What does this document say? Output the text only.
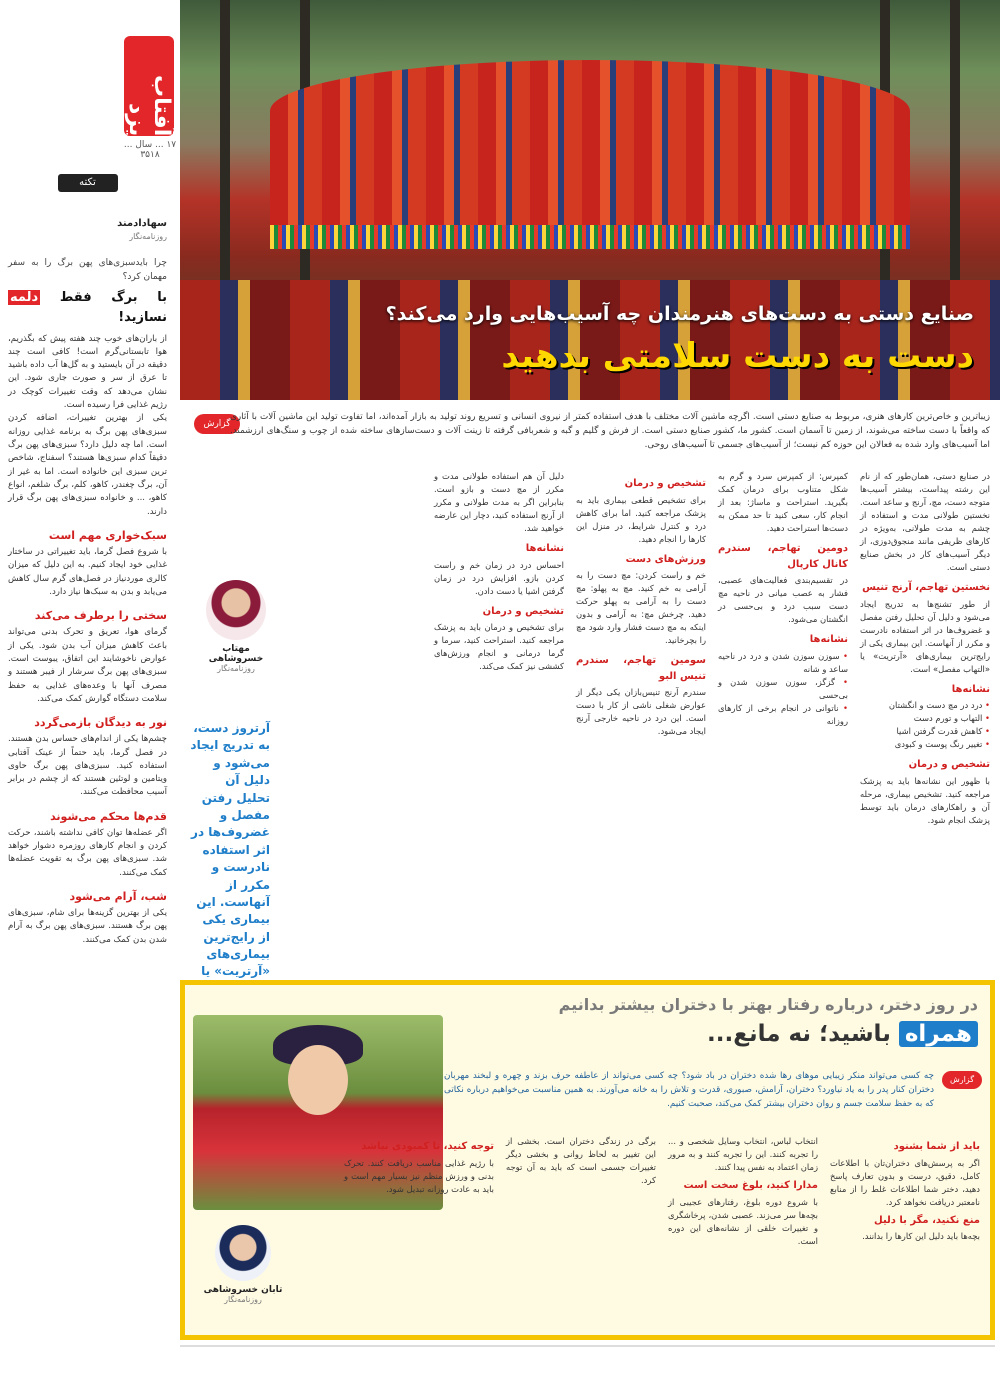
صنایع دستی به دست‌های هنرمندان چه آسیب‌هایی وارد می‌کند؟
دست به دست سلامتی بدهید
آفتاب یزد
۱۷ ... سال ... ۳۵۱۸
تکته
سهادادمند
روزنامه‌نگار
چرا بایدسبزی‌های پهن برگ را به سفر مهمان کرد؟
با برگ فقط دلمه نسازید!

از باران‌های خوب چند هفته پیش که بگذریم، هوا تابستانی‌گرم است! کافی است چند دقیقه در آن بایستید و به گل‌ها آب داده باشید تا عرق از سر و صورت جاری شود. این نشان می‌دهد که وقت تغییرات کوچک در رژیم غذایی فرا رسیده است.

یکی از بهترین تغییرات، اضافه کردن سبزی‌های پهن برگ به برنامه غذایی روزانه است. اما چه دلیل دارد؟ سبزی‌های پهن برگ دقیقاً کدام سبزی‌ها هستند؟ اسفناج، شاخص ترین سبزی این خانواده است. اما به غیر از آن، برگ چغندر، کاهو، کلم، برگ شلغم، انواع کاهو، ... و خانواده سبزی‌های پهن برگ قرار دارند.

سبک‌خواری مهم است

با شروع فصل گرما، باید تغییراتی در ساختار غذایی خود ایجاد کنیم. به این دلیل که میزان کالری موردنیاز در فصل‌های گرم سال کاهش می‌یابد و بدن به سبک‌ها نیاز دارد.

سختی را برطرف می‌کند

گرمای هوا، تعریق و تحرک بدنی می‌تواند باعث کاهش میزان آب بدن شود. یکی از عوارض ناخوشایند این اتفاق، یبوست است. سبزی‌های پهن برگ سرشار از فیبر هستند و مصرف آنها با وعده‌های غذایی به حفظ سلامت دستگاه گوارش کمک می‌کند.

نور به دیدگان بازمی‌گردد

چشم‌ها یکی از اندام‌های حساس بدن هستند. در فصل گرما، باید حتماً از عینک آفتابی استفاده کنید. سبزی‌های پهن برگ حاوی ویتامین و لوتئین هستند که از چشم در برابر آسیب محافظت می‌کنند.

قدم‌ها محکم می‌شوند

اگر عضله‌ها توان کافی نداشته باشند، حرکت کردن و انجام کارهای روزمره دشوار خواهد شد. سبزی‌های پهن برگ به تقویت عضله‌ها کمک می‌کنند.

شب، آرام می‌شود

یکی از بهترین گزینه‌ها برای شام، سبزی‌های پهن برگ هستند. سبزی‌های پهن برگ به آرام شدن بدن کمک می‌کنند.

گزارش

زیباترین و خاص‌ترین کارهای هنری، مربوط به صنایع دستی است. اگرچه ماشین آلات مختلف با هدف استفاده کمتر از نیروی انسانی و تسریع روند تولید به بازار آمده‌اند، اما تفاوت تولید این ماشین آلات با آثاری که واقعاً با دست ساخته می‌شوند، از زمین تا آسمان است. کشور ما، کشور صنایع دستی است. از فرش و گلیم و گبه و شعربافی گرفته تا زینت آلات و دست‌سازهای ساخته شده از چوب و سنگ‌های ارزشمند. اما آسیب‌های وارد شده به فعالان این حوزه کم نیست؛ از آسیب‌های جسمی تا آسیب‌های روحی.

در صنایع دستی، همان‌طور که از نام این رشته پیداست، بیشتر آسیب‌ها متوجه دست، مچ، آرنج و ساعد است. نخستین طولانی مدت و استفاده از چشم به مدت طولانی، به‌ویژه در کارهای ظریفی مانند منجوق‌دوزی، از دیگر آسیب‌های کار در بخش صنایع دستی است.

نخستین تهاجم، آرنج تنیس

از طور تشنج‌ها به تدریج ایجاد می‌شود و دلیل آن تحلیل رفتن مفصل و غضروف‌ها در اثر استفاده نادرست و مکرر از آنهاست. این بیماری یکی از رایج‌ترین بیماری‌های «آرتریت» یا «التهاب مفصل» است.

نشانه‌ها
• درد در مچ دست و انگشتان
• التهاب و تورم دست
• کاهش قدرت گرفتن اشیا
• تغییر رنگ پوست و کبودی
تشخیص و درمان

با ظهور این نشانه‌ها باید به پزشک مراجعه کنید. تشخیص بیماری، مرحله آن و راهکارهای درمان باید توسط پزشک انجام شود.

کمپرس: از کمپرس سرد و گرم به شکل متناوب برای درمان کمک بگیرید. استراحت و ماساژ: بعد از انجام کار، سعی کنید تا حد ممکن به دست‌ها استراحت دهید.

دومین تهاجم، سندرم کانال کارپال

در تقسیم‌بندی فعالیت‌های عصبی، فشار به عصب میانی در ناحیه مچ دست سبب درد و بی‌حسی در انگشتان می‌شود.

نشانه‌ها
• سوزن سوزن شدن و درد در ناحیه ساعد و شانه
• گزگز، سوزن سوزن شدن و بی‌حسی
• ناتوانی در انجام برخی از کارهای روزانه
تشخیص و درمان

برای تشخیص قطعی بیماری باید به پزشک مراجعه کنید. اما برای کاهش درد و کنترل شرایط، در منزل این کارها را انجام دهید.

ورزش‌های دست

خم و راست کردن: مچ دست را به آرامی به خم کنید. مچ به پهلو: مچ دست را به آرامی به پهلو حرکت دهید. چرخش مچ: به آرامی و بدون اینکه به مچ دست فشار وارد شود مچ را بچرخانید.

سومین تهاجم، سندرم تنیس البو

سندرم آرنج تنیس‌بازان یکی دیگر از عوارض شغلی ناشی از کار با دست است. این درد در ناحیه خارجی آرنج ایجاد می‌شود.

دلیل آن هم استفاده طولانی مدت و مکرر از مچ دست و بازو است. بنابراین اگر به مدت طولانی و مکرر از آرنج استفاده کنید، دچار این عارضه خواهید شد.

نشانه‌ها

احساس درد در زمان خم و راست کردن بازو. افزایش درد در زمان گرفتن اشیا یا دست دادن.

تشخیص و درمان

برای تشخیص و درمان باید به پزشک مراجعه کنید. استراحت کنید، سرما و گرما درمانی و انجام ورزش‌های کششی نیز کمک می‌کند.

مهتاب خسروشاهی
روزنامه‌نگار
آرتروز دست، به تدریج ایجاد می‌شود و دلیل آن تحلیل رفتن مفصل و غضروف‌ها در اثر استفاده نادرست و مکرر از آنهاست. این بیماری یکی از رایج‌ترین بیماری‌های «آرتریت» یا
در روز دختر، درباره رفتار بهتر با دختران بیشتر بدانیم
همراه باشید؛ نه مانع...
گزارش

چه کسی می‌تواند منکر زیبایی موهای رها شده دختران در باد شود؟ چه کسی می‌تواند از عاطفه حرف بزند و چهره و لبخند مهربان دختران کنار پدر را به یاد نیاورد؟ دختران، آرامش، صبوری، قدرت و تلاش را به خانه می‌آورند. به همین مناسبت می‌خواهیم درباره نکاتی که به حفظ سلامت جسم و روان دختران بیشتر کمک می‌کند، صحبت کنیم.

باید از شما بشنود

اگر به پرسش‌های دختران‌تان با اطلاعات کامل، دقیق، درست و بدون تعارف پاسخ دهید، دختر شما اطلاعات غلط را از منابع نامعتبر دریافت نخواهد کرد.

منع نکنید، مگر با دلیل

بچه‌ها باید دلیل این کارها را بدانند.

انتخاب لباس، انتخاب وسایل شخصی و ... را تجربه کنند. این را تجربه کنند و به مرور زمان اعتماد به نفس پیدا کنند.

مدارا کنید، بلوغ سخت است

با شروع دوره بلوغ، رفتارهای عجیبی از بچه‌ها سر می‌زند. عصبی شدن، پرخاشگری و تغییرات خلقی از نشانه‌های این دوره است.

برگی در زندگی دختران است. بخشی از این تغییر به لحاظ روانی و بخشی دیگر تغییرات جسمی است که باید به آن توجه کرد.

توجه کنید، تا کمبودی نباشد

با رژیم غذایی مناسب دریافت کنند. تحرک بدنی و ورزش منظم نیز بسیار مهم است و باید به عادت روزانه تبدیل شود.

تابان خسروشاهی
روزنامه‌نگار
